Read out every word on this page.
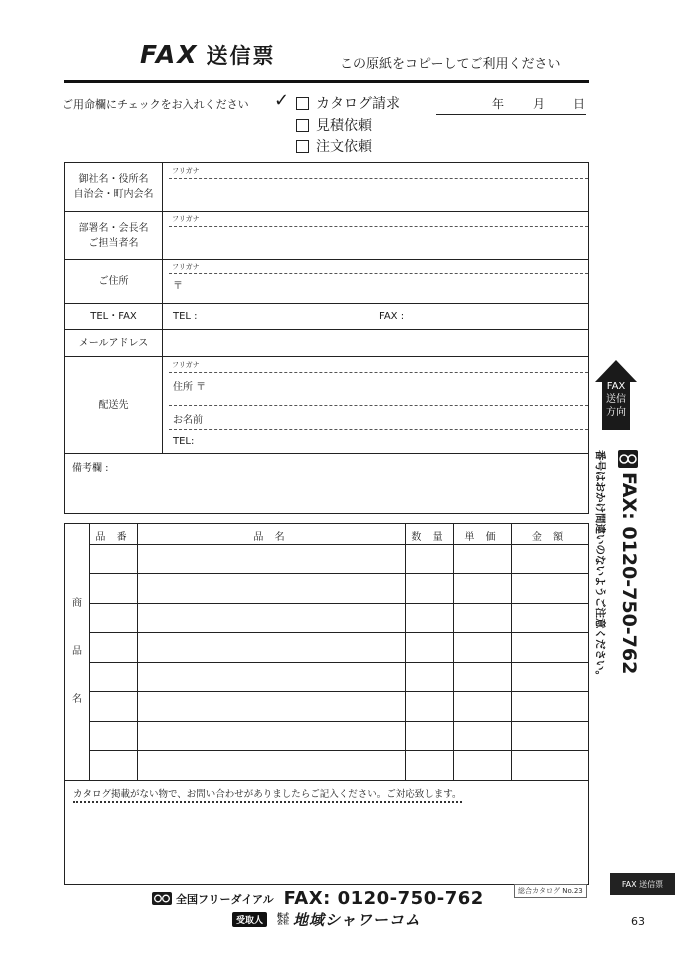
FAX 送信票	この原紙をコピーしてご利用ください
ご用命欄にチェックをお入れください ✓ カタログ請求
見積依頼
注文依頼
年 月 日
御社名・役所名
自治会・町内会名
フリガナ
部署名・会長名
ご担当者名
フリガナ
ご住所
フリガナ
〒
TEL・FAX	TEL :	FAX :
メールアドレス
配送先
フリガナ
住所 〒
お名前
TEL:
備考欄 :
品 番	品 名	数 量	単 価	金 額
商
品
名
カタログ掲載がない物で、お問い合わせがありましたらご記入ください。ご対応致します。
FAX
送信
方向
FAX: 0120-750-762
番号はおかけ間違いのないようご注意ください。
全国フリーダイアル FAX: 0120-750-762
受取人	株式
会社 地域シャワーコム
総合カタログ No.23
FAX 送信票
63
